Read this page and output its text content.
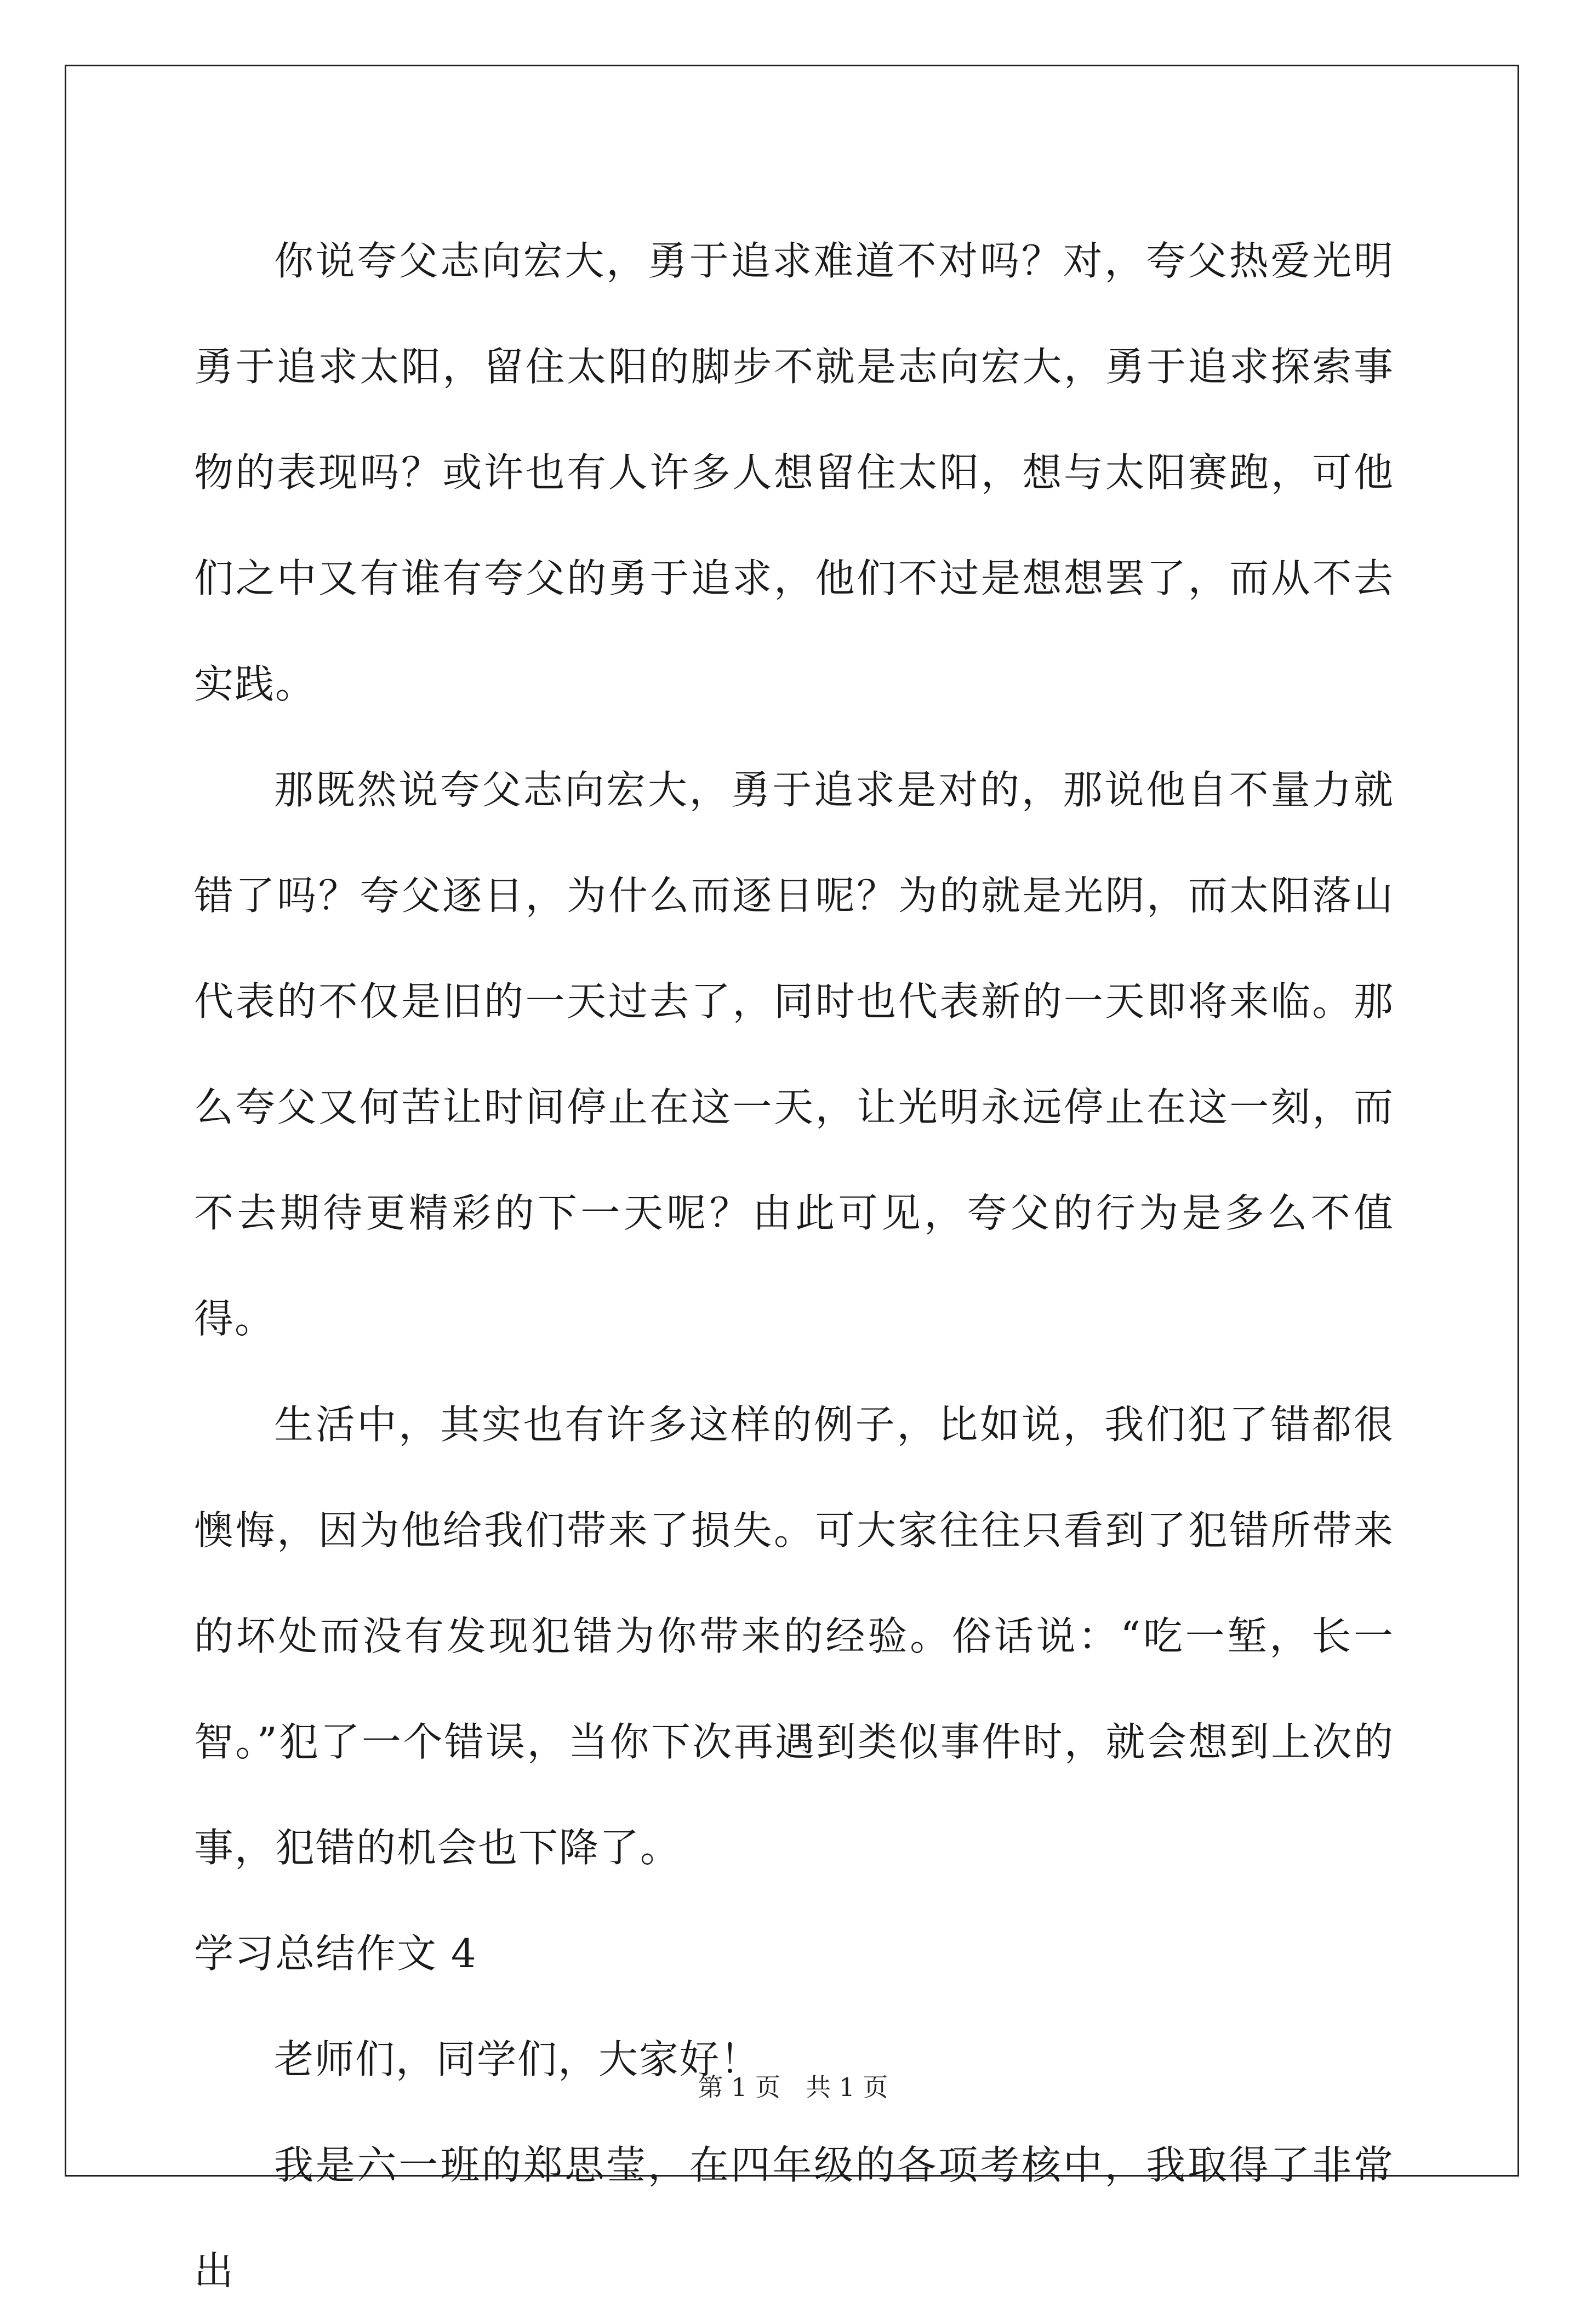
你说夸父志向宏大，勇于追求难道不对吗？对，夸父热爱光明勇于追求太阳，留住太阳的脚步不就是志向宏大，勇于追求探索事物的表现吗？或许也有人许多人想留住太阳，想与太阳赛跑，可他们之中又有谁有夸父的勇于追求，他们不过是想想罢了，而从不去实践。

那既然说夸父志向宏大，勇于追求是对的，那说他自不量力就错了吗？夸父逐日，为什么而逐日呢？为的就是光阴，而太阳落山代表的不仅是旧的一天过去了，同时也代表新的一天即将来临。那么夸父又何苦让时间停止在这一天，让光明永远停止在这一刻，而不去期待更精彩的下一天呢？由此可见，夸父的行为是多么不值得。

生活中，其实也有许多这样的例子，比如说，我们犯了错都很懊悔，因为他给我们带来了损失。可大家往往只看到了犯错所带来的坏处而没有发现犯错为你带来的经验。俗话说：“吃一堑，长一智。”犯了一个错误，当你下次再遇到类似事件时，就会想到上次的事，犯错的机会也下降了。

学习总结作文 4

老师们，同学们，大家好！

我是六一班的郑思莹，在四年级的各项考核中，我取得了非常出

第 1 页　共 1 页
